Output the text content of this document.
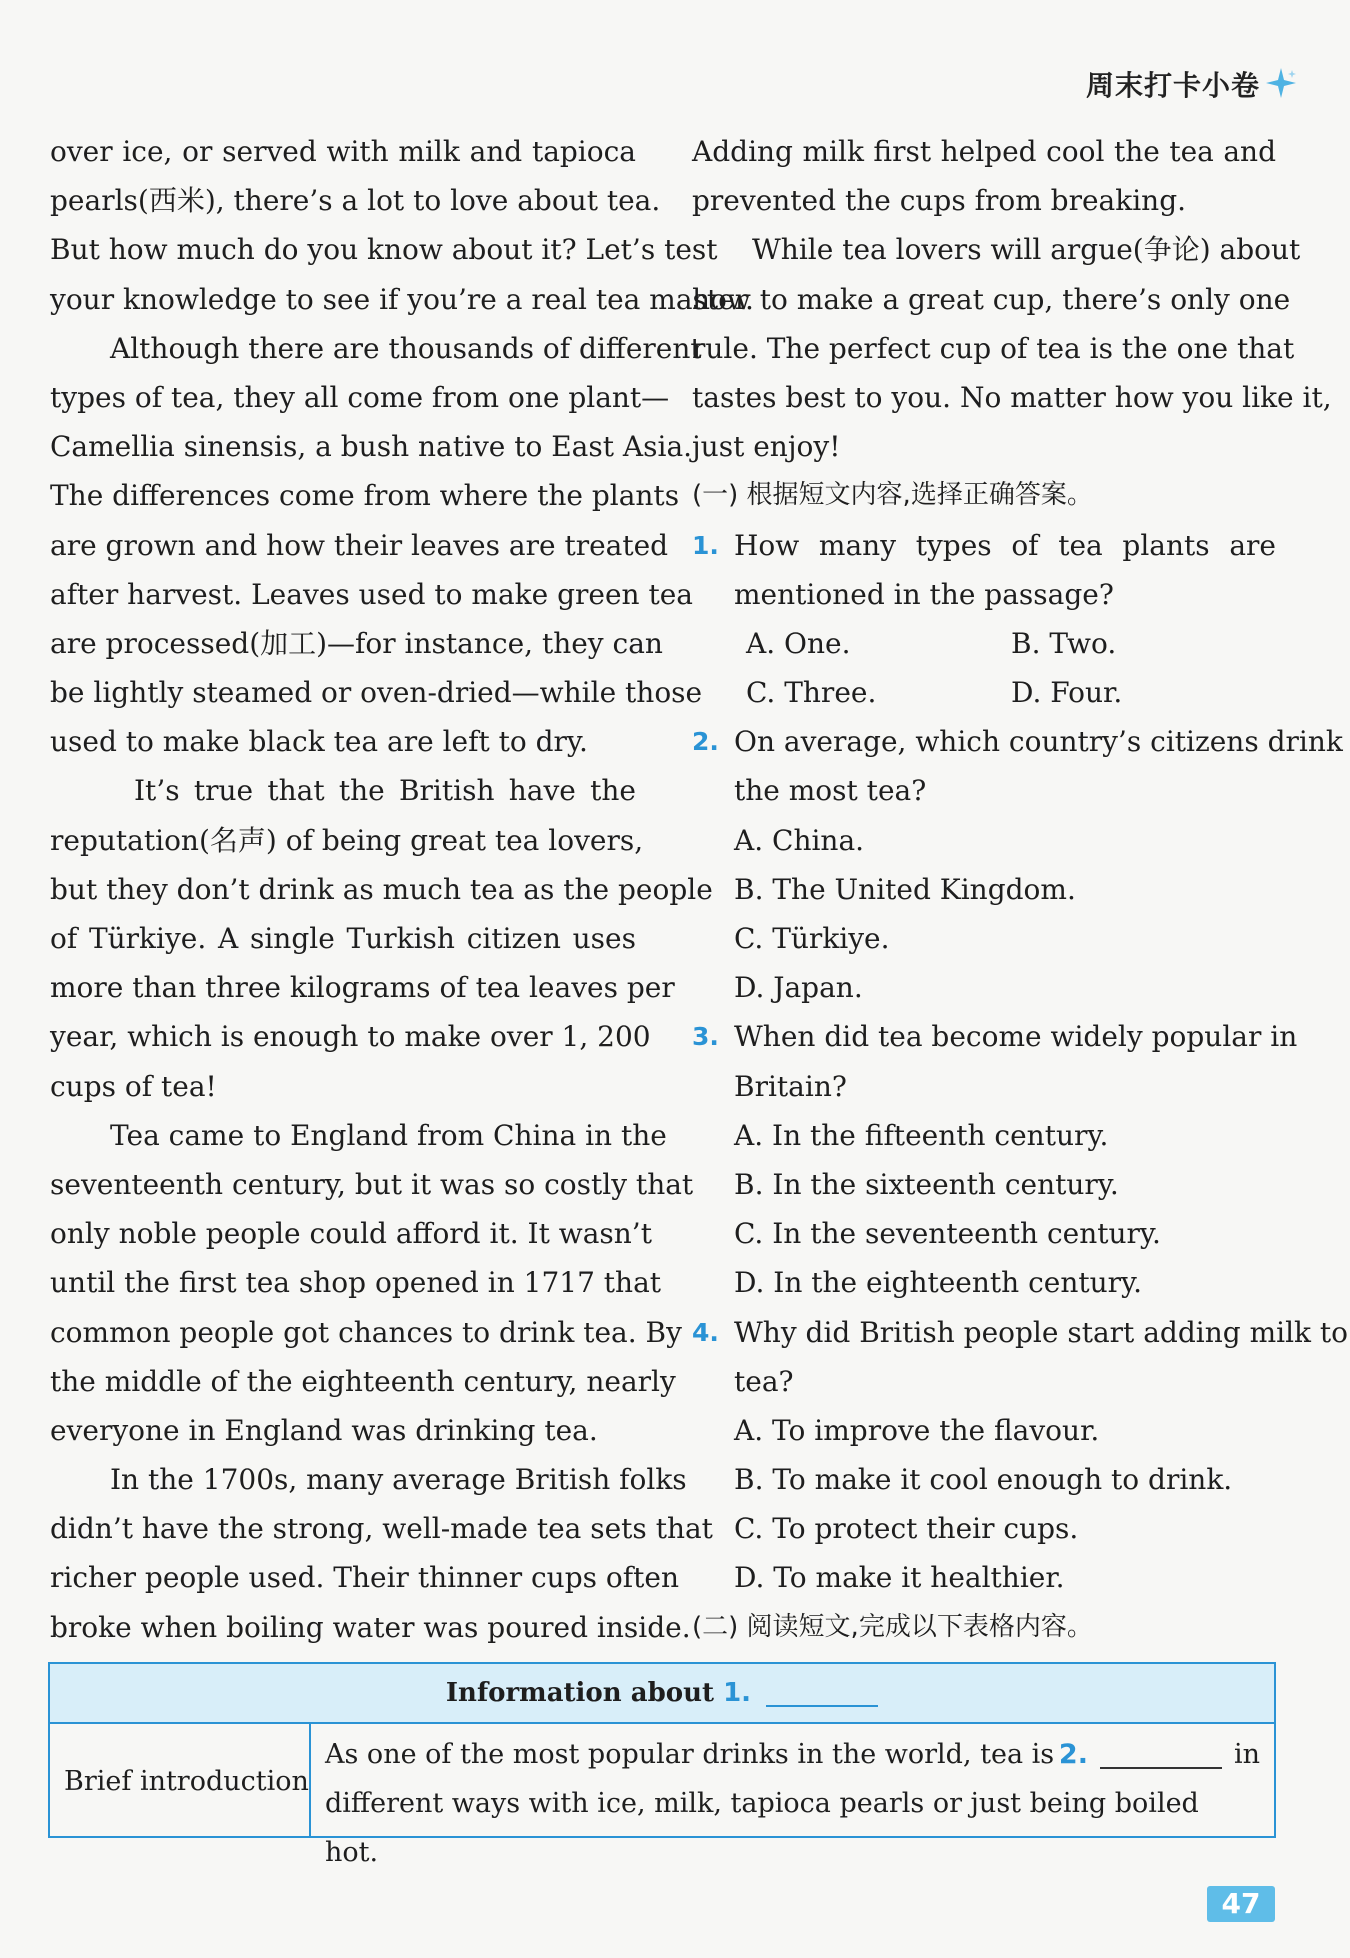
周末打卡小卷
over ice, or served with milk and tapioca
pearls(西米), there’s a lot to love about tea.
But how much do you know about it? Let’s test
your knowledge to see if you’re a real tea master.
Although there are thousands of different
types of tea, they all come from one plant—
Camellia sinensis, a bush native to East Asia.
The differences come from where the plants
are grown and how their leaves are treated
after harvest. Leaves used to make green tea
are processed(加工)—for instance, they can
be lightly steamed or oven-dried—while those
used to make black tea are left to dry.
It’s true that the British have the
reputation(名声) of being great tea lovers,
but they don’t drink as much tea as the people
of Türkiye. A single Turkish citizen uses
more than three kilograms of tea leaves per
year, which is enough to make over 1, 200
cups of tea!
Tea came to England from China in the
seventeenth century, but it was so costly that
only noble people could afford it. It wasn’t
until the first tea shop opened in 1717 that
common people got chances to drink tea. By
the middle of the eighteenth century, nearly
everyone in England was drinking tea.
In the 1700s, many average British folks
didn’t have the strong, well-made tea sets that
richer people used. Their thinner cups often
broke when boiling water was poured inside.
Adding milk first helped cool the tea and
prevented the cups from breaking.
While tea lovers will argue(争论) about
how to make a great cup, there’s only one
rule. The perfect cup of tea is the one that
tastes best to you. No matter how you like it,
just enjoy!
(一) 根据短文内容,选择正确答案。
1. How many types of tea plants are
mentioned in the passage?
A. One.	B. Two.
C. Three.	D. Four.
2. On average, which country’s citizens drink
the most tea?
A. China.
B. The United Kingdom.
C. Türkiye.
D. Japan.
3. When did tea become widely popular in
Britain?
A. In the fifteenth century.
B. In the sixteenth century.
C. In the seventeenth century.
D. In the eighteenth century.
4. Why did British people start adding milk to
tea?
A. To improve the flavour.
B. To make it cool enough to drink.
C. To protect their cups.
D. To make it healthier.
(二) 阅读短文,完成以下表格内容。
Information about 1.
Brief introduction
As one of the most popular drinks in the world, tea is 2.	in
different ways with ice, milk, tapioca pearls or just being boiled hot.
47
